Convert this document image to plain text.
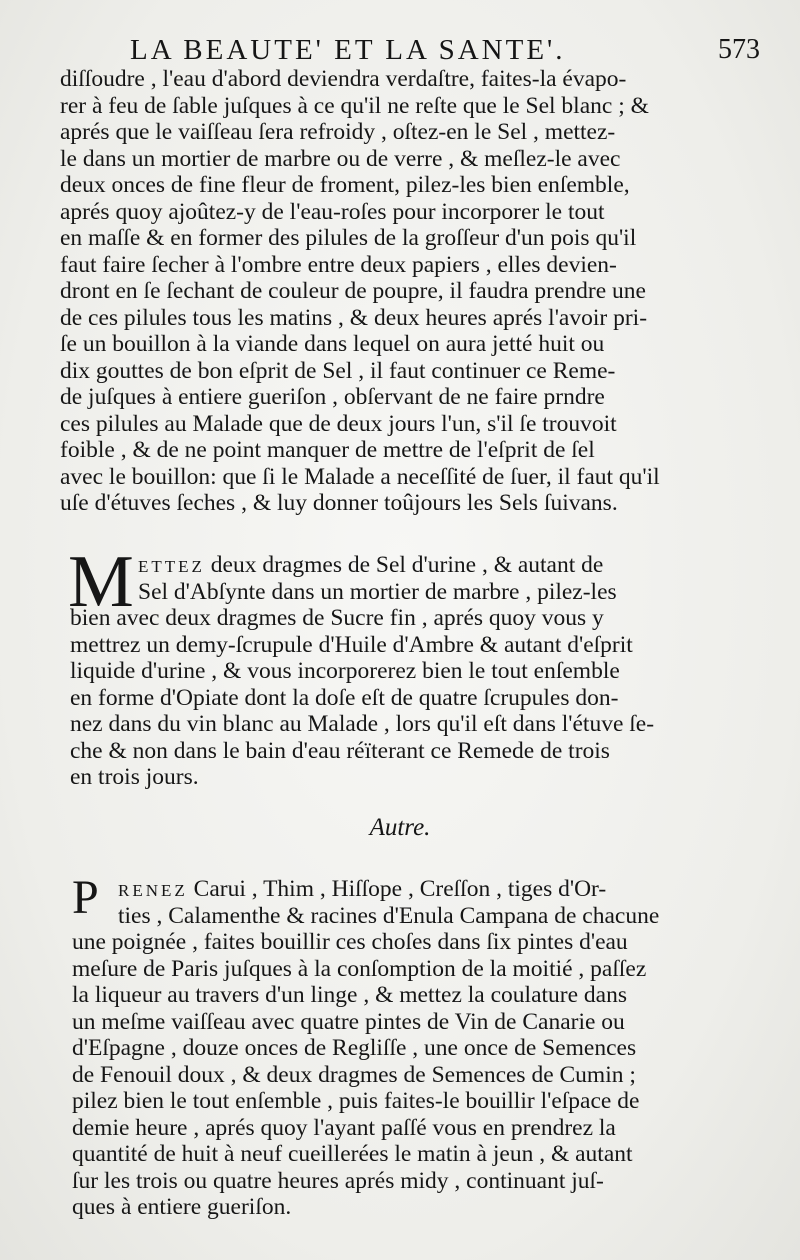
LA BEAUTE' ET LA SANTE'.	573
diſſoudre , l'eau d'abord deviendra verdaſtre, faites-la évapo-
rer à feu de ſable juſques à ce qu'il ne reſte que le Sel blanc ; &
aprés que le vaiſſeau ſera refroidy , oſtez-en le Sel , mettez-
le dans un mortier de marbre ou de verre , & meſlez-le avec
deux onces de fine fleur de froment, pilez-les bien enſemble,
aprés quoy ajoûtez-y de l'eau-roſes pour incorporer le tout
en maſſe & en former des pilules de la groſſeur d'un pois qu'il
faut faire ſecher à l'ombre entre deux papiers , elles devien-
dront en ſe ſechant de couleur de poupre, il faudra prendre une
de ces pilules tous les matins , & deux heures aprés l'avoir pri-
ſe un bouillon à la viande dans lequel on aura jetté huit ou
dix gouttes de bon eſprit de Sel , il faut continuer ce Reme-
de juſques à entiere gueriſon , obſervant de ne faire prndre
ces pilules au Malade que de deux jours l'un, s'il ſe trouvoit
foible , & de ne point manquer de mettre de l'eſprit de ſel
avec le bouillon: que ſi le Malade a neceſſité de ſuer, il faut qu'il
uſe d'étuves ſeches , & luy donner toûjours les Sels ſuivans.
M ETTEZ deux dragmes de Sel d'urine , & autant de
Sel d'Abſynte dans un mortier de marbre , pilez-les
bien avec deux dragmes de Sucre fin , aprés quoy vous y
mettrez un demy-ſcrupule d'Huile d'Ambre & autant d'eſprit
liquide d'urine , & vous incorporerez bien le tout enſemble
en forme d'Opiate dont la doſe eſt de quatre ſcrupules don-
nez dans du vin blanc au Malade , lors qu'il eſt dans l'étuve ſe-
che & non dans le bain d'eau réïterant ce Remede de trois
en trois jours.
Autre.
P	RENEZ Carui , Thim , Hiſſope , Creſſon , tiges d'Or-
ties , Calamenthe & racines d'Enula Campana de chacune
une poignée , faites bouillir ces choſes dans ſix pintes d'eau
meſure de Paris juſques à la conſomption de la moitié , paſſez
la liqueur au travers d'un linge , & mettez la coulature dans
un meſme vaiſſeau avec quatre pintes de Vin de Canarie ou
d'Eſpagne , douze onces de Regliſſe , une once de Semences
de Fenouil doux , & deux dragmes de Semences de Cumin ;
pilez bien le tout enſemble , puis faites-le bouillir l'eſpace de
demie heure , aprés quoy l'ayant paſſé vous en prendrez la
quantité de huit à neuf cueillerées le matin à jeun , & autant
ſur les trois ou quatre heures aprés midy , continuant juſ-
ques à entiere gueriſon.
